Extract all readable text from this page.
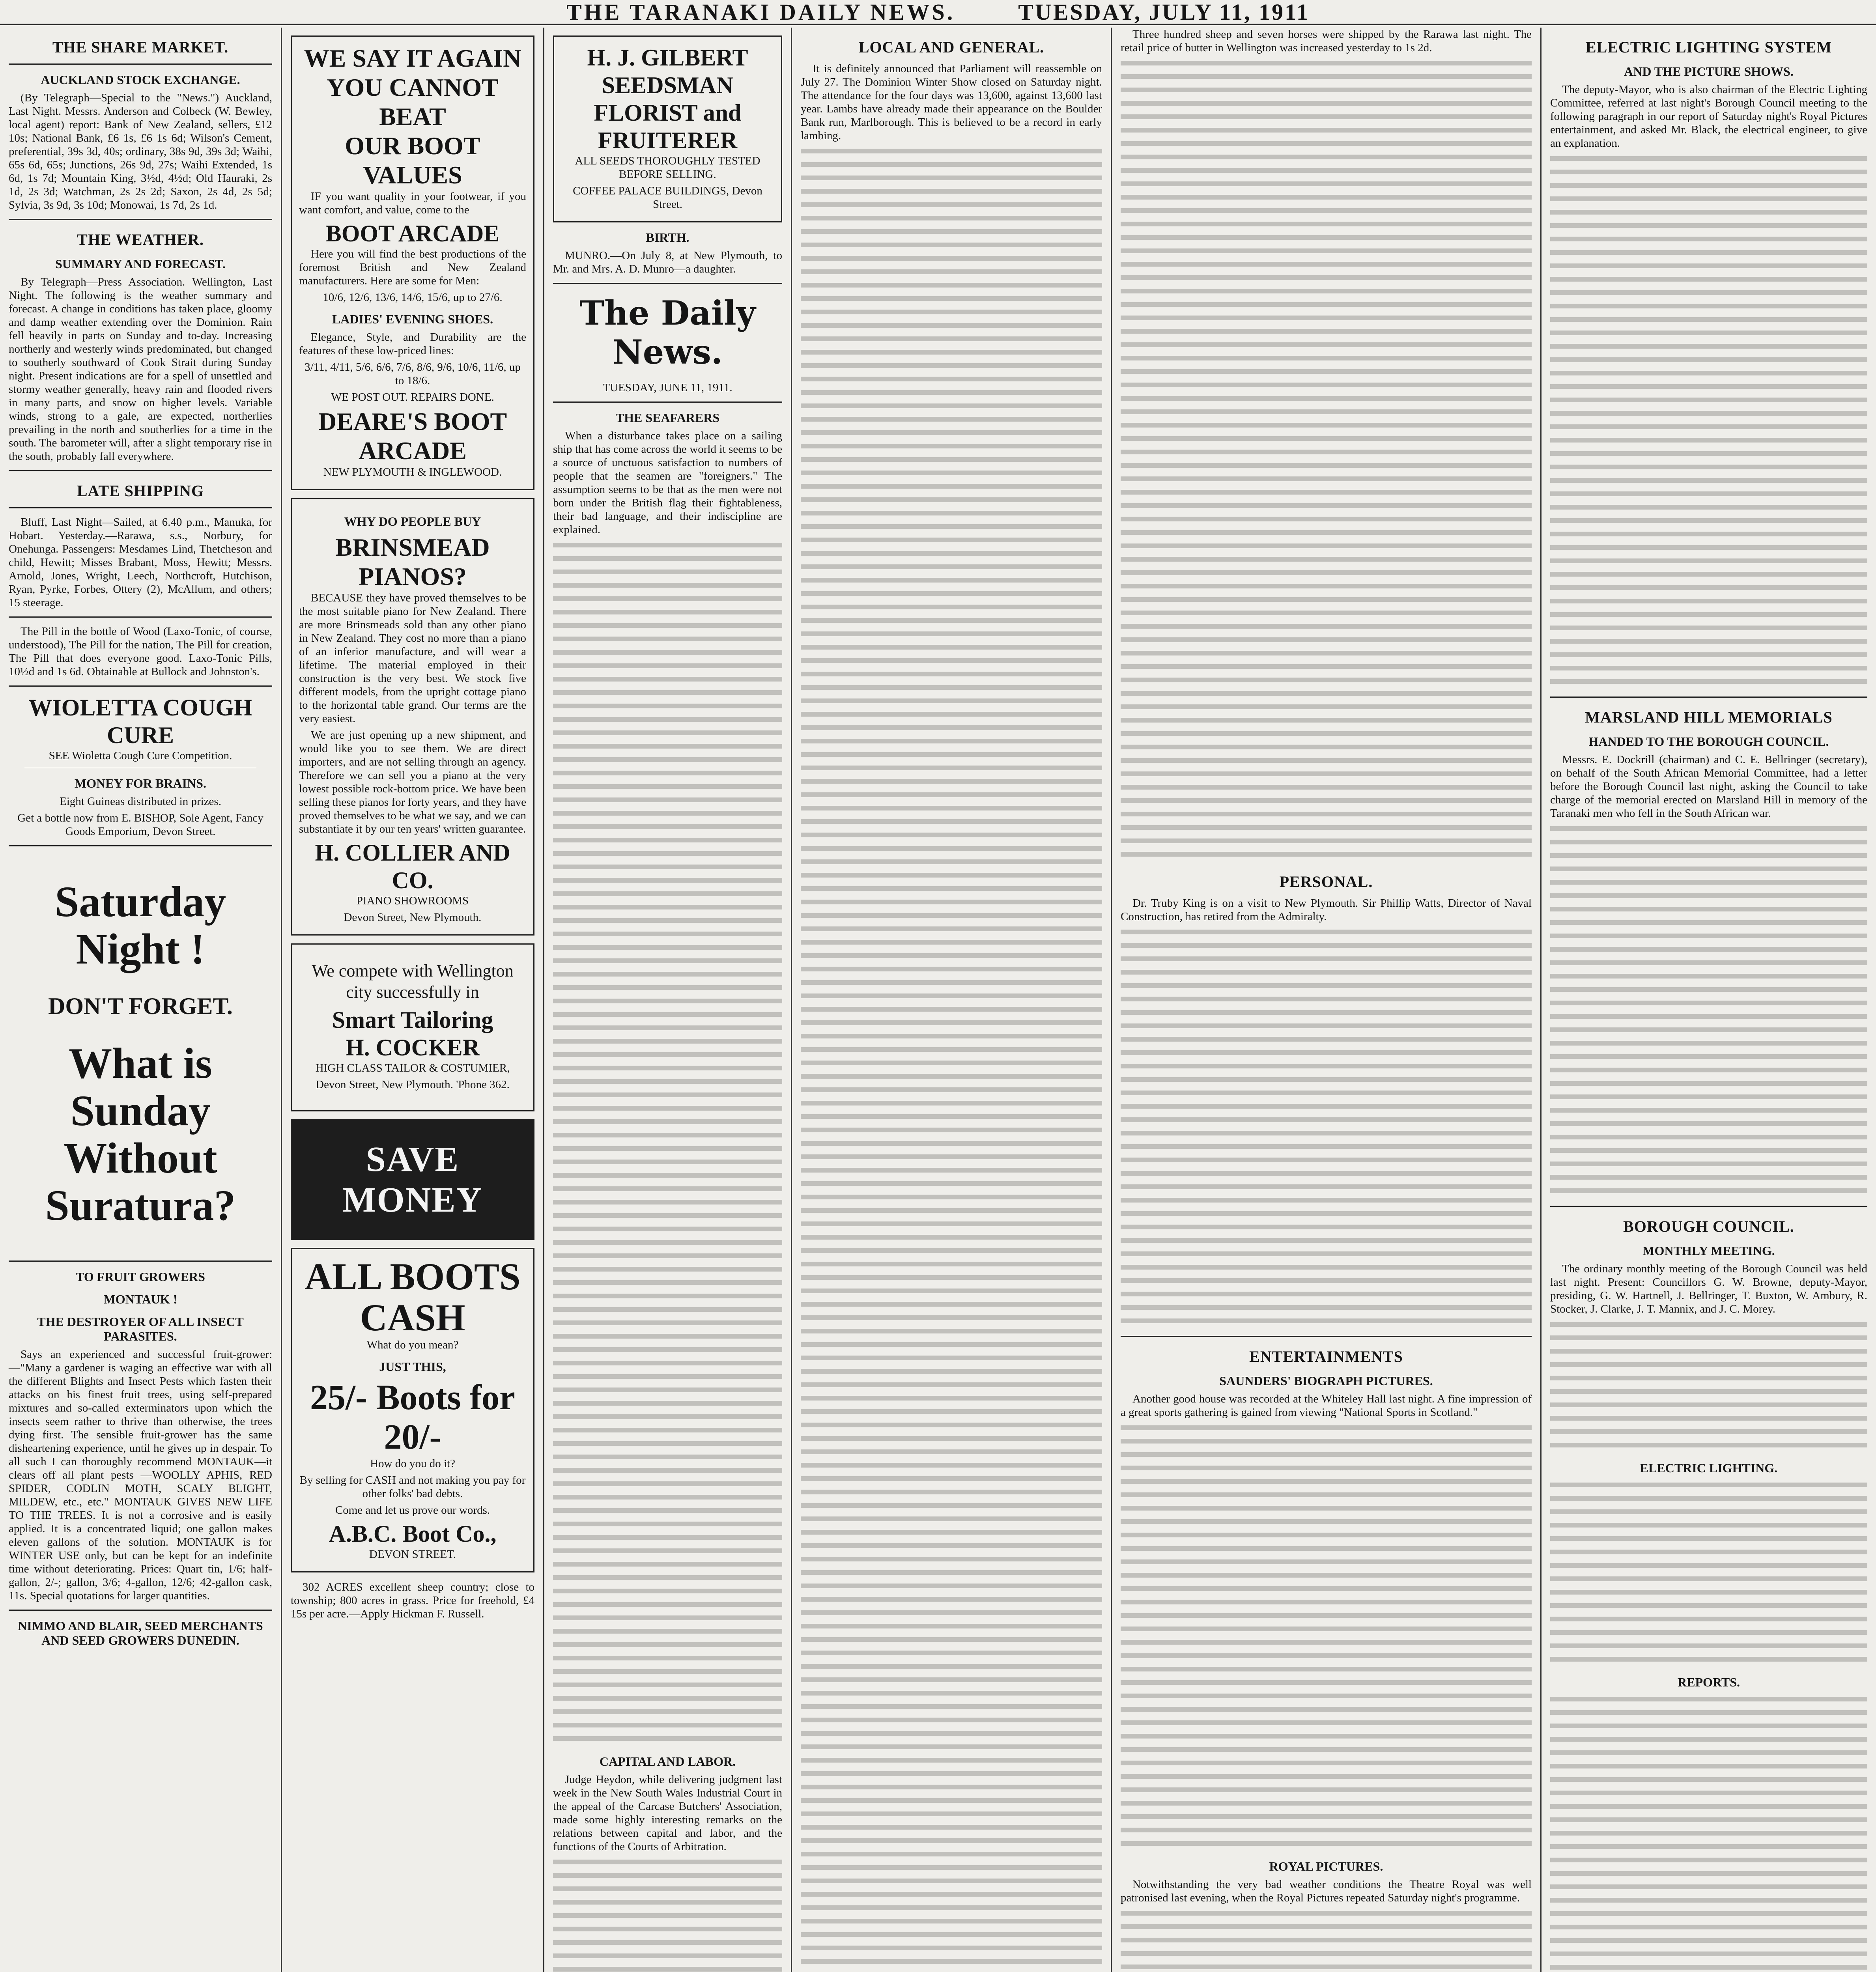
THE TARANAKI DAILY NEWS.	TUESDAY, JULY 11, 1911
THE SHARE MARKET.
AUCKLAND STOCK EXCHANGE.

(By Telegraph—Special to the "News.") Auckland, Last Night. Messrs. Anderson and Colbeck (W. Bewley, local agent) report: Bank of New Zealand, sellers, £12 10s; National Bank, £6 1s, £6 1s 6d; Wilson's Cement, preferential, 39s 3d, 40s; ordinary, 38s 9d, 39s 3d; Waihi, 65s 6d, 65s; Junctions, 26s 9d, 27s; Waihi Extended, 1s 6d, 1s 7d; Mountain King, 3½d, 4½d; Old Hauraki, 2s 1d, 2s 3d; Watchman, 2s 2s 2d; Saxon, 2s 4d, 2s 5d; Sylvia, 3s 9d, 3s 10d; Monowai, 1s 7d, 2s 1d.

THE WEATHER.
SUMMARY AND FORECAST.

By Telegraph—Press Association. Wellington, Last Night. The following is the weather summary and forecast. A change in conditions has taken place, gloomy and damp weather extending over the Dominion. Rain fell heavily in parts on Sunday and to-day. Increasing northerly and westerly winds predominated, but changed to southerly southward of Cook Strait during Sunday night. Present indications are for a spell of unsettled and stormy weather generally, heavy rain and flooded rivers in many parts, and snow on higher levels. Variable winds, strong to a gale, are expected, northerlies prevailing in the north and southerlies for a time in the south. The barometer will, after a slight temporary rise in the south, probably fall everywhere.

LATE SHIPPING

Bluff, Last Night—Sailed, at 6.40 p.m., Manuka, for Hobart. Yesterday.—Rarawa, s.s., Norbury, for Onehunga. Passengers: Mesdames Lind, Thetcheson and child, Hewitt; Misses Brabant, Moss, Hewitt; Messrs. Arnold, Jones, Wright, Leech, Northcroft, Hutchison, Ryan, Pyrke, Forbes, Ottery (2), McAllum, and others; 15 steerage.

The Pill in the bottle of Wood (Laxo-Tonic, of course, understood), The Pill for the nation, The Pill for creation, The Pill that does everyone good. Laxo-Tonic Pills, 10½d and 1s 6d. Obtainable at Bullock and Johnston's.

WIOLETTA COUGH CURE

SEE Wioletta Cough Cure Competition.

MONEY FOR BRAINS.

Eight Guineas distributed in prizes.

Get a bottle now from E. BISHOP, Sole Agent, Fancy Goods Emporium, Devon Street.

Saturday Night !
DON'T FORGET.
What is Sunday Without Suratura?
TO FRUIT GROWERS
MONTAUK !
THE DESTROYER OF ALL INSECT PARASITES.

Says an experienced and successful fruit-grower:—"Many a gardener is waging an effective war with all the different Blights and Insect Pests which fasten their attacks on his finest fruit trees, using self-prepared mixtures and so-called exterminators upon which the insects seem rather to thrive than otherwise, the trees dying first. The sensible fruit-grower has the same disheartening experience, until he gives up in despair. To all such I can thoroughly recommend MONTAUK—it clears off all plant pests —WOOLLY APHIS, RED SPIDER, CODLIN MOTH, SCALY BLIGHT, MILDEW, etc., etc." MONTAUK GIVES NEW LIFE TO THE TREES. It is not a corrosive and is easily applied. It is a concentrated liquid; one gallon makes eleven gallons of the solution. MONTAUK is for WINTER USE only, but can be kept for an indefinite time without deteriorating. Prices: Quart tin, 1/6; half-gallon, 2/-; gallon, 3/6; 4-gallon, 12/6; 42-gallon cask, 11s. Special quotations for larger quantities.

NIMMO AND BLAIR, SEED MERCHANTS AND SEED GROWERS DUNEDIN.
WE SAY IT AGAIN
YOU CANNOT BEAT
OUR BOOT VALUES

IF you want quality in your footwear, if you want comfort, and value, come to the

BOOT ARCADE

Here you will find the best productions of the foremost British and New Zealand manufacturers. Here are some for Men:

10/6, 12/6, 13/6, 14/6, 15/6, up to 27/6.

LADIES' EVENING SHOES.

Elegance, Style, and Durability are the features of these low-priced lines:

3/11, 4/11, 5/6, 6/6, 7/6, 8/6, 9/6, 10/6, 11/6, up to 18/6.

WE POST OUT. REPAIRS DONE.

DEARE'S BOOT ARCADE

NEW PLYMOUTH & INGLEWOOD.

WHY DO PEOPLE BUY
BRINSMEAD PIANOS?

BECAUSE they have proved themselves to be the most suitable piano for New Zealand. There are more Brinsmeads sold than any other piano in New Zealand. They cost no more than a piano of an inferior manufacture, and will wear a lifetime. The material employed in their construction is the very best. We stock five different models, from the upright cottage piano to the horizontal table grand. Our terms are the very easiest.

We are just opening up a new shipment, and would like you to see them. We are direct importers, and are not selling through an agency. Therefore we can sell you a piano at the very lowest possible rock-bottom price. We have been selling these pianos for forty years, and they have proved themselves to be what we say, and we can substantiate it by our ten years' written guarantee.

H. COLLIER AND CO.

PIANO SHOWROOMS

Devon Street, New Plymouth.

We compete with Wellington city successfully in

Smart Tailoring
H. COCKER

HIGH CLASS TAILOR & COSTUMIER,

Devon Street, New Plymouth. 'Phone 362.

SAVE MONEY
ALL BOOTS CASH

What do you mean?

JUST THIS,
25/- Boots for 20/-

How do you do it?

By selling for CASH and not making you pay for other folks' bad debts.

Come and let us prove our words.

A.B.C. Boot Co.,

DEVON STREET.

302 ACRES excellent sheep country; close to township; 800 acres in grass. Price for freehold, £4 15s per acre.—Apply Hickman F. Russell.

H. J. GILBERT
SEEDSMAN FLORIST and FRUITERER

ALL SEEDS THOROUGHLY TESTED BEFORE SELLING.

COFFEE PALACE BUILDINGS, Devon Street.

BIRTH.

MUNRO.—On July 8, at New Plymouth, to Mr. and Mrs. A. D. Munro—a daughter.

The Daily News.

TUESDAY, JUNE 11, 1911.

THE SEAFARERS

When a disturbance takes place on a sailing ship that has come across the world it seems to be a source of unctuous satisfaction to numbers of people that the seamen are "foreigners." The assumption seems to be that as the men were not born under the British flag their fightableness, their bad language, and their indiscipline are explained.

CAPITAL AND LABOR.

Judge Heydon, while delivering judgment last week in the New South Wales Industrial Court in the appeal of the Carcase Butchers' Association, made some highly interesting remarks on the relations between capital and labor, and the functions of the Courts of Arbitration.

LOCAL AND GENERAL.

It is definitely announced that Parliament will reassemble on July 27. The Dominion Winter Show closed on Saturday night. The attendance for the four days was 13,600, against 13,600 last year. Lambs have already made their appearance on the Boulder Bank run, Marlborough. This is believed to be a record in early lambing.

Three hundred sheep and seven horses were shipped by the Rarawa last night. The retail price of butter in Wellington was increased yesterday to 1s 2d.

PERSONAL.

Dr. Truby King is on a visit to New Plymouth. Sir Phillip Watts, Director of Naval Construction, has retired from the Admiralty.

ENTERTAINMENTS
SAUNDERS' BIOGRAPH PICTURES.

Another good house was recorded at the Whiteley Hall last night. A fine impression of a great sports gathering is gained from viewing "National Sports in Scotland."

ROYAL PICTURES.

Notwithstanding the very bad weather conditions the Theatre Royal was well patronised last evening, when the Royal Pictures repeated Saturday night's programme.

ELECTRIC LIGHTING SYSTEM
AND THE PICTURE SHOWS.

The deputy-Mayor, who is also chairman of the Electric Lighting Committee, referred at last night's Borough Council meeting to the following paragraph in our report of Saturday night's Royal Pictures entertainment, and asked Mr. Black, the electrical engineer, to give an explanation.

MARSLAND HILL MEMORIALS
HANDED TO THE BOROUGH COUNCIL.

Messrs. E. Dockrill (chairman) and C. E. Bellringer (secretary), on behalf of the South African Memorial Committee, had a letter before the Borough Council last night, asking the Council to take charge of the memorial erected on Marsland Hill in memory of the Taranaki men who fell in the South African war.

BOROUGH COUNCIL.
MONTHLY MEETING.

The ordinary monthly meeting of the Borough Council was held last night. Present: Councillors G. W. Browne, deputy-Mayor, presiding, G. W. Hartnell, J. Bellringer, T. Buxton, W. Ambury, R. Stocker, J. Clarke, J. T. Mannix, and J. C. Morey.

ELECTRIC LIGHTING.
REPORTS.
